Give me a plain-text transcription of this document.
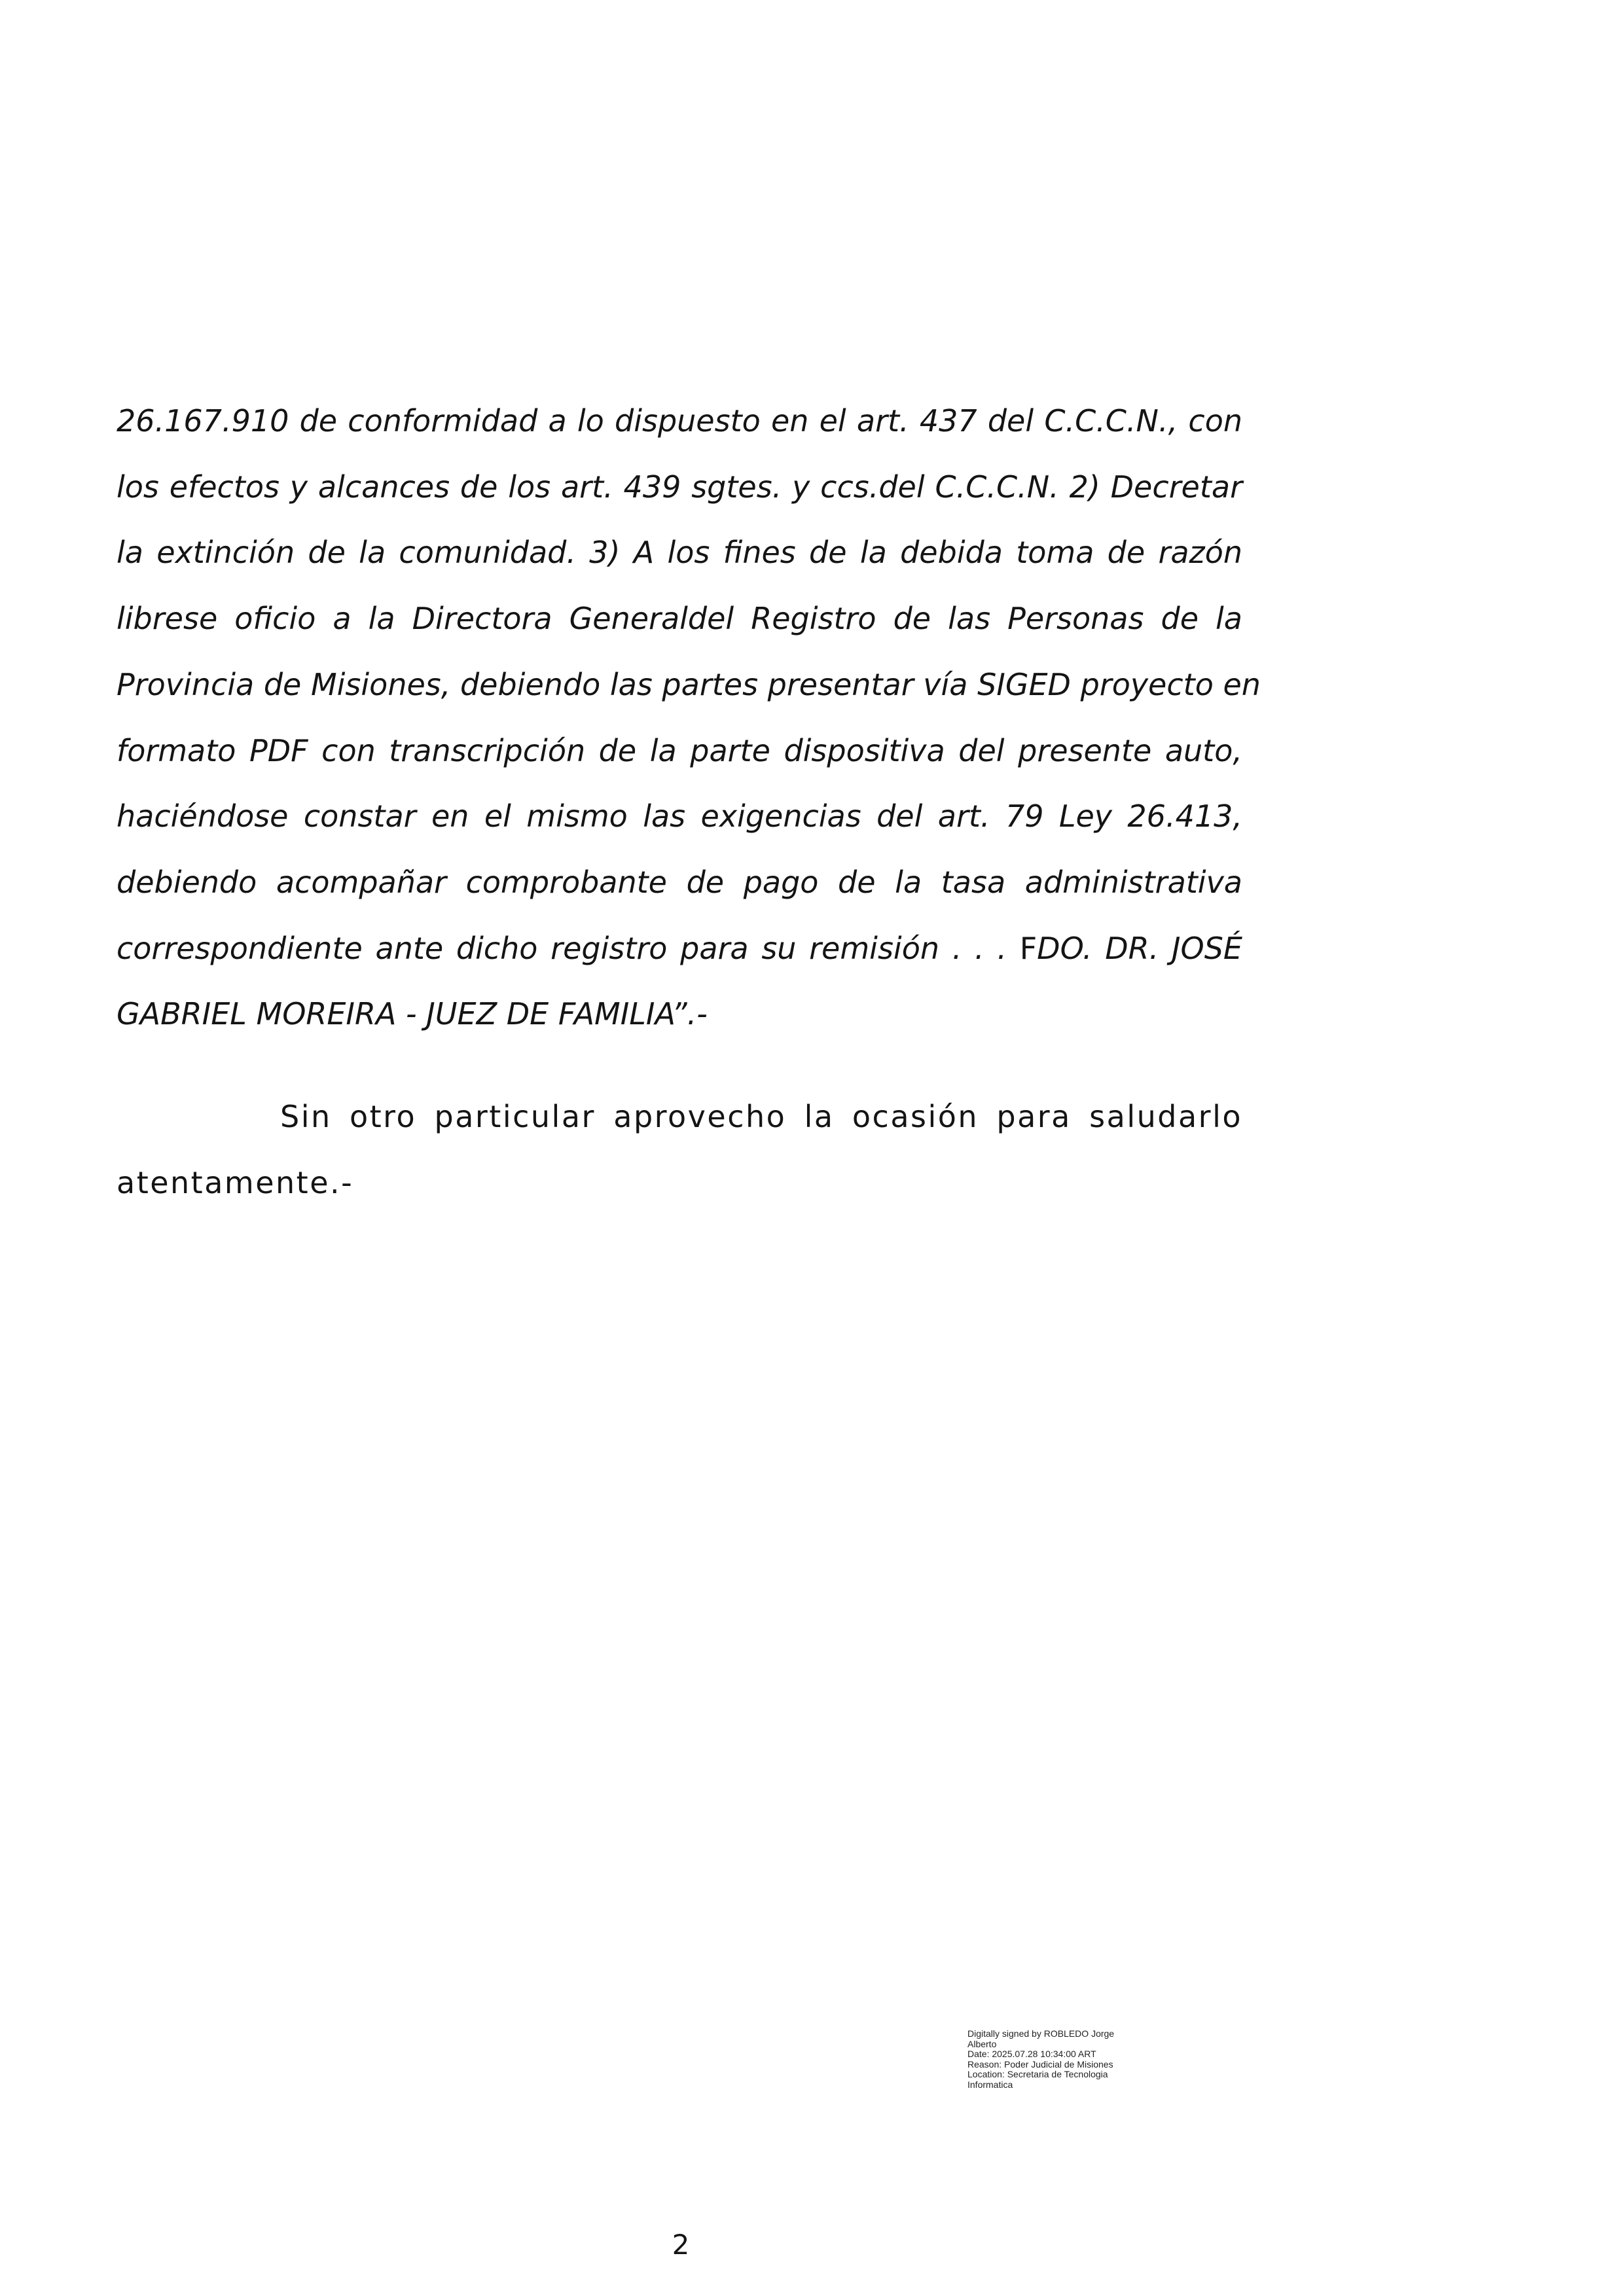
26.167.910 de conformidad a lo dispuesto en el art. 437 del C.C.C.N., con
los efectos y alcances de los art. 439 sgtes. y ccs.del C.C.C.N. 2) Decretar
la extinción de la comunidad. 3) A los fines de la debida toma de razón
librese oficio a la Directora Generaldel Registro de las Personas de la
Provincia de Misiones, debiendo las partes presentar vía SIGED proyecto en
formato PDF con transcripción de la parte dispositiva del presente auto,
haciéndose constar en el mismo las exigencias del art. 79 Ley 26.413,
debiendo acompañar comprobante de pago de la tasa administrativa
correspondiente ante dicho registro para su remisión . . . FDO. DR. JOSÉ
GABRIEL MOREIRA - JUEZ DE FAMILIA”.-
Sin otro particular aprovecho la ocasión para saludarlo
atentamente.-
Digitally signed by ROBLEDO Jorge
Alberto
Date: 2025.07.28 10:34:00 ART
Reason: Poder Judicial de Misiones
Location: Secretaria de Tecnologia
Informatica
2
